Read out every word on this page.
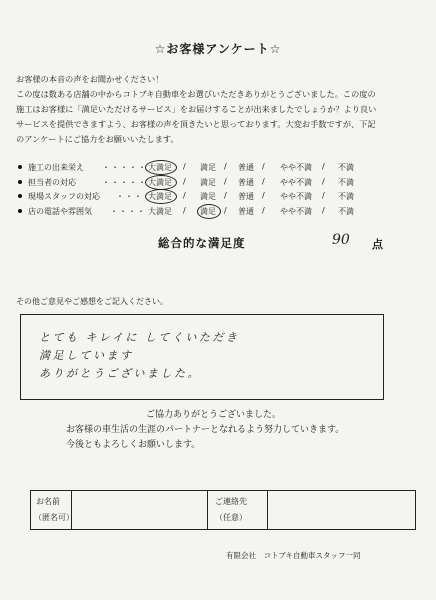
☆お客様アンケート☆
お客様の本音の声をお聞かせください！
この度は数ある店舗の中からコトブキ自動車をお選びいただきありがとうございました。この度の
施工はお客様に「満足いただけるサービス」をお届けすることが出来ましたでしょうか？より良い
サービスを提供できますよう、お客様の声を頂きたいと思っております。大変お手数ですが、下記
のアンケートにご協力をお願いいたします。
施工の出来栄え ・・・・・ 大満足 / 満足 / 普通 / やや不満 / 不満
担当者の対応	・・・・・ 大満足 / 満足 / 普通 / やや不満 / 不満
現場スタッフの対応 ・・・ 大満足 / 満足 / 普通 / やや不満 / 不満
店の電話や雰囲気 ・・・・ 大満足 / 満足 / 普通 / やや不満 / 不満
総合的な満足度	90 点
その他ご意見やご感想をご記入ください。
とても キレイに してくいただき
満足しています
ありがとうございました。
ご協力ありがとうございました。
お客様の車生活の生涯のパートナーとなれるよう努力していきます。
今後ともよろしくお願いします。
お名前
（匿名可）
ご連絡先
（任意）
有限会社　コトブキ自動車スタッフ一同
